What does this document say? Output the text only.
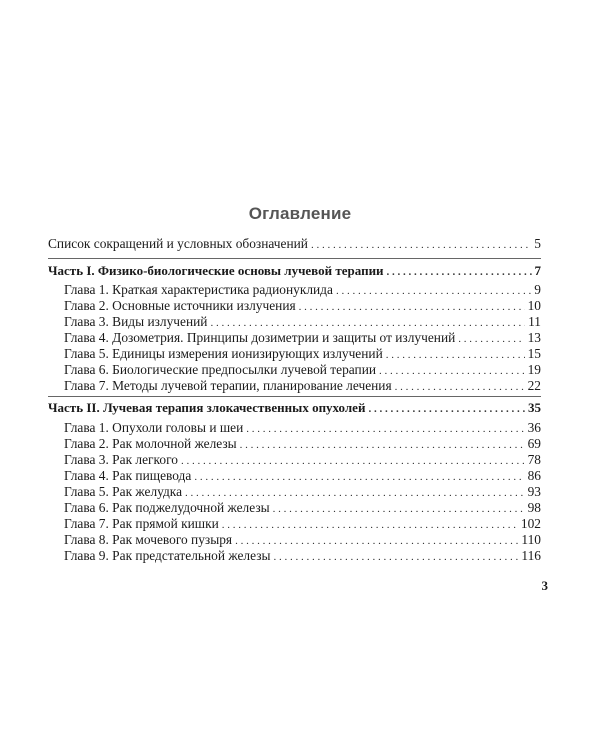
Оглавление
Список сокращений и условных обозначений . . .	5
Часть I. Физико-биологические основы лучевой терапии . . .	7
Глава 1. Краткая характеристика радионуклида . . .	9
Глава 2. Основные источники излучения . . .	10
Глава 3. Виды излучений . . .	11
Глава 4. Дозометрия. Принципы дозиметрии и защиты от излучений . . .	13
Глава 5. Единицы измерения ионизирующих излучений . . .	15
Глава 6. Биологические предпосылки лучевой терапии . . .	19
Глава 7. Методы лучевой терапии, планирование лечения . . .	22
Часть II. Лучевая терапия злокачественных опухолей . . .	35
Глава 1. Опухоли головы и шеи . . .	36
Глава 2. Рак молочной железы . . .	69
Глава 3. Рак легкого . . .	78
Глава 4. Рак пищевода . . .	86
Глава 5. Рак желудка . . .	93
Глава 6. Рак поджелудочной железы . . .	98
Глава 7. Рак прямой кишки . . .	102
Глава 8. Рак мочевого пузыря . . .	110
Глава 9. Рак предстательной железы . . .	116
3
